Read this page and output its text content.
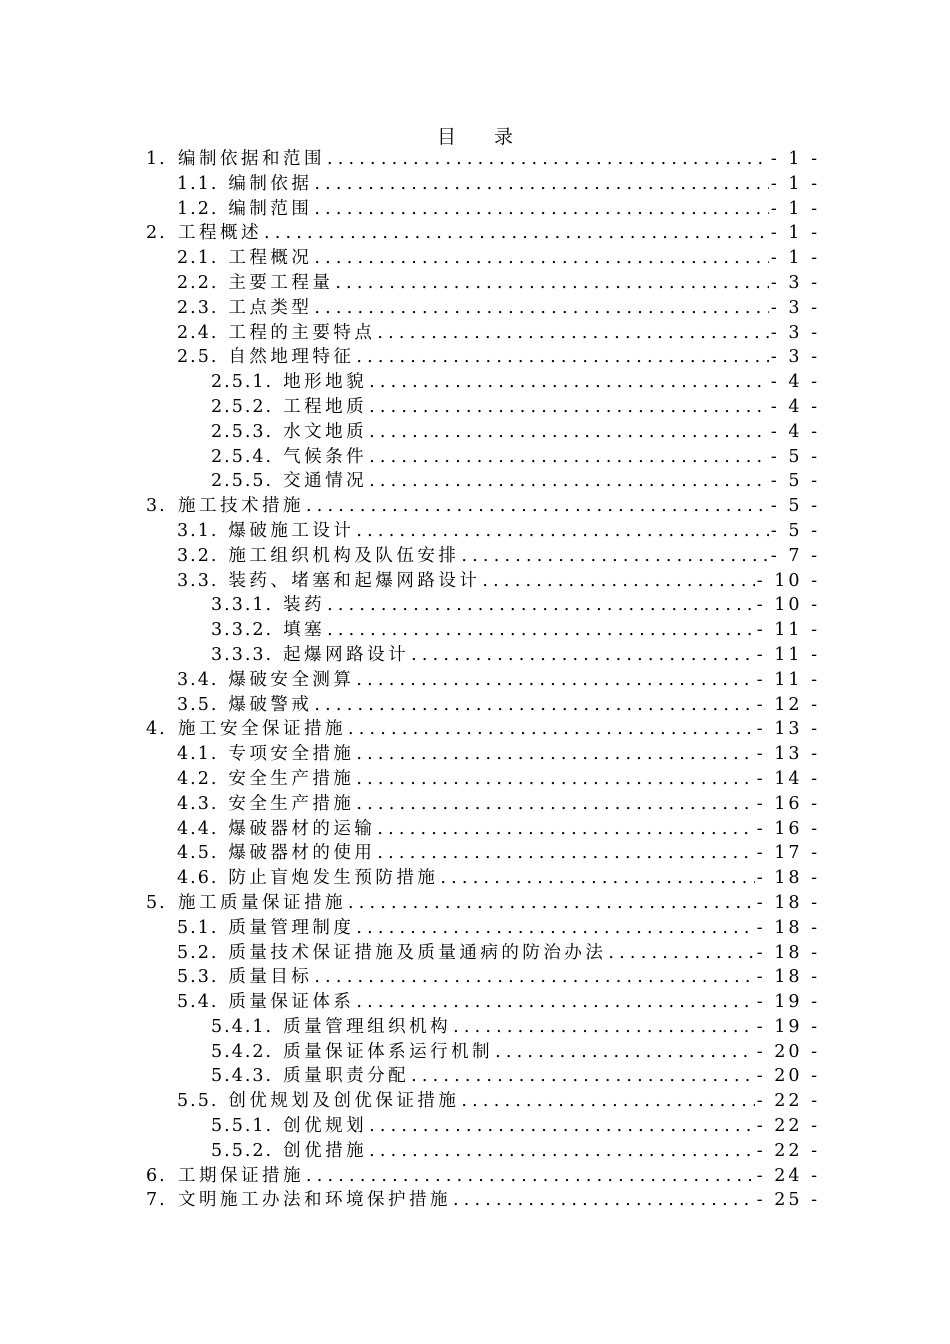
目　　录
1. 编制依据和范围 .....	- 1 -
1.1. 编制依据 .....	- 1 -
1.2. 编制范围 .....	- 1 -
2. 工程概述 .....	- 1 -
2.1. 工程概况 .....	- 1 -
2.2. 主要工程量 .....	- 3 -
2.3. 工点类型 .....	- 3 -
2.4. 工程的主要特点 .....	- 3 -
2.5. 自然地理特征 .....	- 3 -
2.5.1. 地形地貌 .....	- 4 -
2.5.2. 工程地质 .....	- 4 -
2.5.3. 水文地质 .....	- 4 -
2.5.4. 气候条件 .....	- 5 -
2.5.5. 交通情况 .....	- 5 -
3. 施工技术措施 .....	- 5 -
3.1. 爆破施工设计 .....	- 5 -
3.2. 施工组织机构及队伍安排 .....	- 7 -
3.3. 装药、堵塞和起爆网路设计 .....	- 10 -
3.3.1. 装药 .....	- 10 -
3.3.2. 填塞 .....	- 11 -
3.3.3. 起爆网路设计 .....	- 11 -
3.4. 爆破安全测算 .....	- 11 -
3.5. 爆破警戒 .....	- 12 -
4. 施工安全保证措施 .....	- 13 -
4.1. 专项安全措施 .....	- 13 -
4.2. 安全生产措施 .....	- 14 -
4.3. 安全生产措施 .....	- 16 -
4.4. 爆破器材的运输 .....	- 16 -
4.5. 爆破器材的使用 .....	- 17 -
4.6. 防止盲炮发生预防措施 .....	- 18 -
5. 施工质量保证措施 .....	- 18 -
5.1. 质量管理制度 .....	- 18 -
5.2. 质量技术保证措施及质量通病的防治办法 .....	- 18 -
5.3. 质量目标 .....	- 18 -
5.4. 质量保证体系 .....	- 19 -
5.4.1. 质量管理组织机构 .....	- 19 -
5.4.2. 质量保证体系运行机制 .....	- 20 -
5.4.3. 质量职责分配 .....	- 20 -
5.5. 创优规划及创优保证措施 .....	- 22 -
5.5.1. 创优规划 .....	- 22 -
5.5.2. 创优措施 .....	- 22 -
6. 工期保证措施 .....	- 24 -
7. 文明施工办法和环境保护措施 .....	- 25 -
